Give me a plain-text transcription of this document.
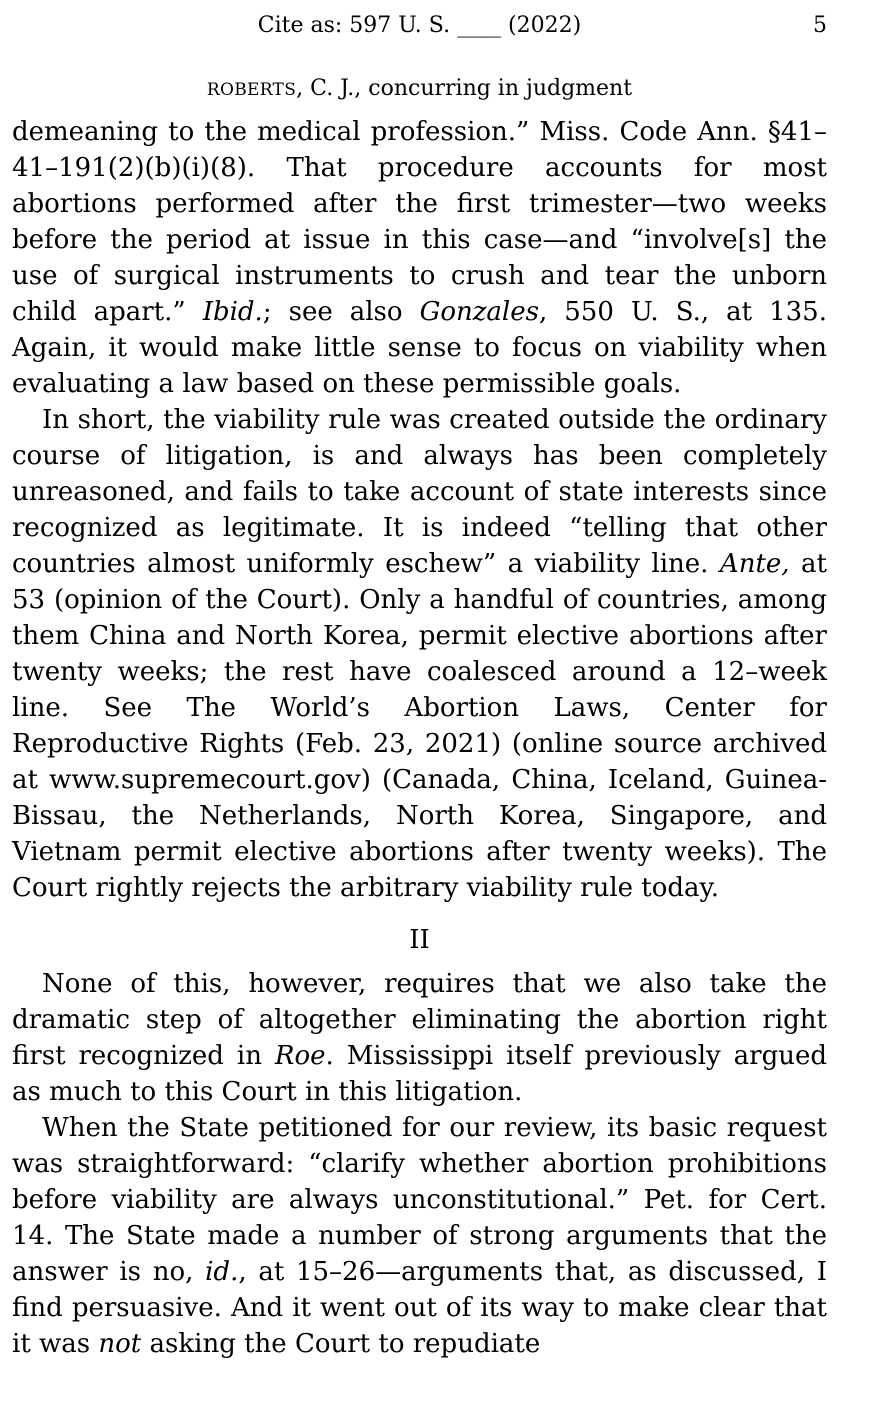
Cite as: 597 U. S. ____ (2022)	5
ROBERTS, C. J., concurring in judgment

demeaning to the medical profession.” Miss. Code Ann. §41–41–191(2)(b)(i)(8). That procedure accounts for most abortions performed after the first trimester—two weeks before the period at issue in this case—and “involve[s] the use of surgical instruments to crush and tear the unborn child apart.” Ibid.; see also Gonzales, 550 U. S., at 135. Again, it would make little sense to focus on viability when evaluating a law based on these permissible goals.

In short, the viability rule was created outside the ordinary course of litigation, is and always has been completely unreasoned, and fails to take account of state interests since recognized as legitimate. It is indeed “telling that other countries almost uniformly eschew” a viability line. Ante, at 53 (opinion of the Court). Only a handful of countries, among them China and North Korea, permit elective abortions after twenty weeks; the rest have coalesced around a 12–week line. See The World’s Abortion Laws, Center for Reproductive Rights (Feb. 23, 2021) (online source archived at www.supremecourt.gov) (Canada, China, Iceland, Guinea-Bissau, the Netherlands, North Korea, Singapore, and Vietnam permit elective abortions after twenty weeks). The Court rightly rejects the arbitrary viability rule today.

II

None of this, however, requires that we also take the dramatic step of altogether eliminating the abortion right first recognized in Roe. Mississippi itself previously argued as much to this Court in this litigation.

When the State petitioned for our review, its basic request was straightforward: “clarify whether abortion prohibitions before viability are always unconstitutional.” Pet. for Cert. 14. The State made a number of strong arguments that the answer is no, id., at 15–26—arguments that, as discussed, I find persuasive. And it went out of its way to make clear that it was not asking the Court to repudiate
